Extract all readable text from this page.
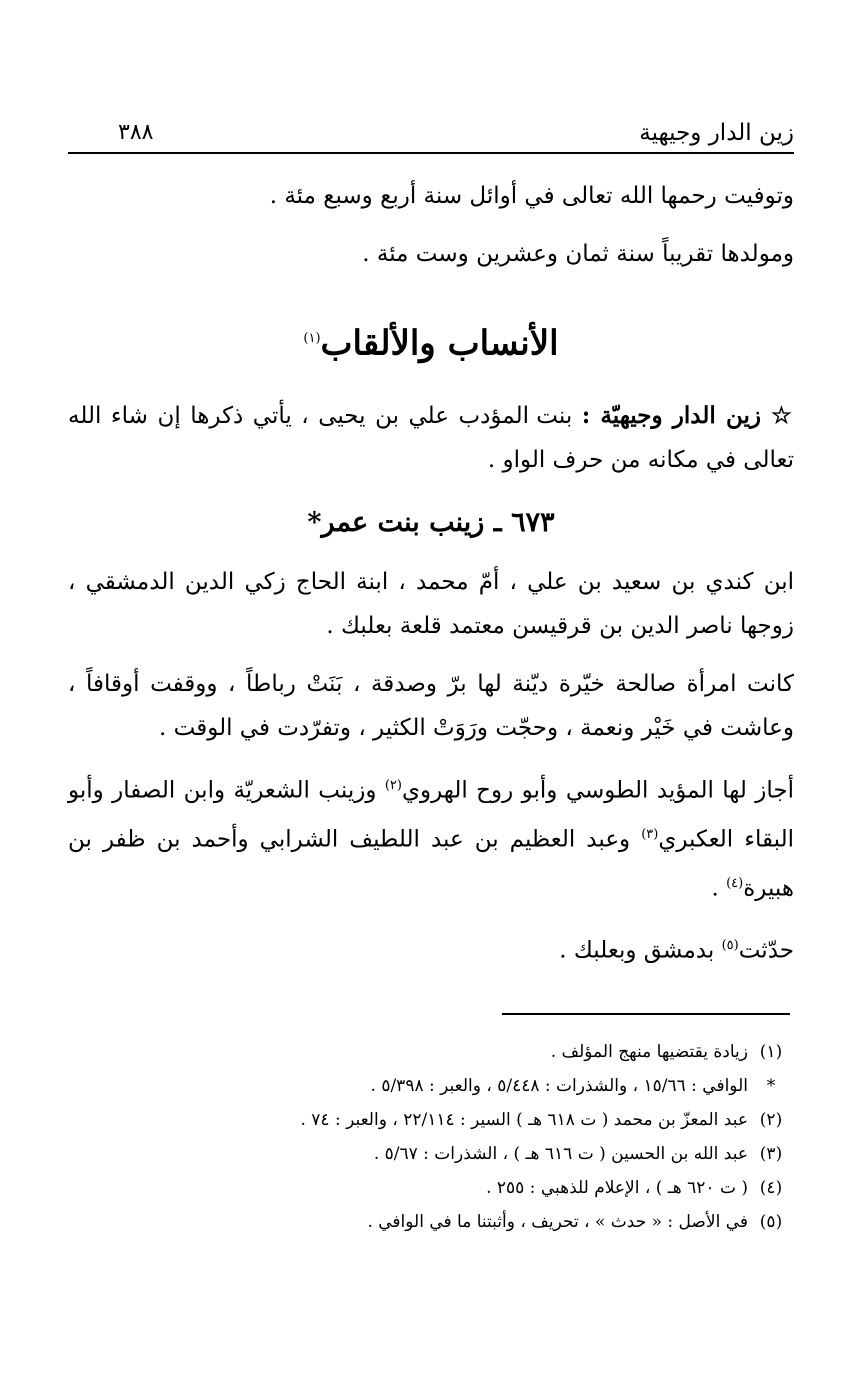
زين الدار وجيهية
٣٨٨

وتوفيت رحمها الله تعالى في أوائل سنة أربع وسبع مئة .

ومولدها تقريباً سنة ثمان وعشرين وست مئة .

الأنساب والألقاب$^{(١)}$

☆ زين الدار وجيهيّة : بنت المؤدب علي بن يحيى ، يأتي ذكرها إن شاء الله تعالى في مكانه من حرف الواو .

٦٧٣ ـ زينب بنت عمر*

ابن كندي بن سعيد بن علي ، أمّ محمد ، ابنة الحاج زكي الدين الدمشقي ، زوجها ناصر الدين بن قرقيسن معتمد قلعة بعلبك .

كانت امرأة صالحة خيّرة ديّنة لها برّ وصدقة ، بَنَتْ رباطاً ، ووقفت أوقافاً ، وعاشت في خَيْر ونعمة ، وحجّت ورَوَتْ الكثير ، وتفرّدت في الوقت .

أجاز لها المؤيد الطوسي وأبو روح الهروي$^{(٢)}$ وزينب الشعريّة وابن الصفار وأبو البقاء العكبري$^{(٣)}$ وعبد العظيم بن عبد اللطيف الشرابي وأحمد بن ظفر بن هبيرة$^{(٤)}$ .

حدّثت$^{(٥)}$ بدمشق وبعلبك .

(١)
زيادة يقتضيها منهج المؤلف .
*
الوافي : ١٥/٦٦ ، والشذرات : ٥/٤٤٨ ، والعبر : ٥/٣٩٨ .
(٢)
عبد المعزّ بن محمد ( ت ٦١٨ هـ ) السير : ٢٢/١١٤ ، والعبر : ٧٤ .
(٣)
عبد الله بن الحسين ( ت ٦١٦ هـ ) ، الشذرات : ٥/٦٧ .
(٤)
( ت ٦٢٠ هـ ) ، الإعلام للذهبي : ٢٥٥ .
(٥)
في الأصل : « حدث » ، تحريف ، وأثبتنا ما في الوافي .
